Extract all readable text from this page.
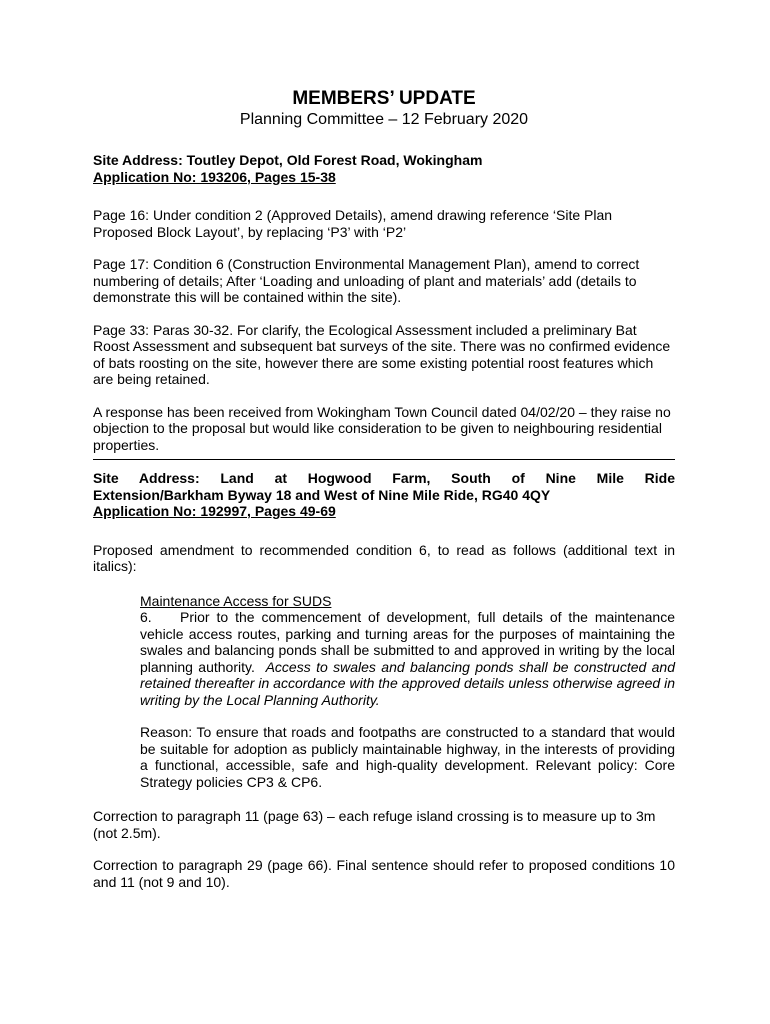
MEMBERS’ UPDATE
Planning Committee – 12 February 2020

Site Address: Toutley Depot, Old Forest Road, Wokingham

Application No: 193206, Pages 15-38

Page 16: Under condition 2 (Approved Details), amend drawing reference ‘Site Plan Proposed Block Layout’, by replacing ‘P3’ with ‘P2’

Page 17: Condition 6 (Construction Environmental Management Plan), amend to correct numbering of details; After ‘Loading and unloading of plant and materials’ add (details to demonstrate this will be contained within the site).

Page 33: Paras 30-32. For clarify, the Ecological Assessment included a preliminary Bat Roost Assessment and subsequent bat surveys of the site. There was no confirmed evidence of bats roosting on the site, however there are some existing potential roost features which are being retained.

A response has been received from Wokingham Town Council dated 04/02/20 – they raise no objection to the proposal but would like consideration to be given to neighbouring residential properties.

Site Address: Land at Hogwood Farm, South of Nine Mile Ride

Extension/Barkham Byway 18 and West of Nine Mile Ride, RG40 4QY

Application No: 192997, Pages 49-69

Proposed amendment to recommended condition 6, to read as follows (additional text in italics):

Maintenance Access for SUDS

6. Prior to the commencement of development, full details of the maintenance vehicle access routes, parking and turning areas for the purposes of maintaining the swales and balancing ponds shall be submitted to and approved in writing by the local planning authority. Access to swales and balancing ponds shall be constructed and retained thereafter in accordance with the approved details unless otherwise agreed in writing by the Local Planning Authority.

Reason: To ensure that roads and footpaths are constructed to a standard that would be suitable for adoption as publicly maintainable highway, in the interests of providing a functional, accessible, safe and high-quality development. Relevant policy: Core Strategy policies CP3 & CP6.

Correction to paragraph 11 (page 63) – each refuge island crossing is to measure up to 3m (not 2.5m).

Correction to paragraph 29 (page 66). Final sentence should refer to proposed conditions 10 and 11 (not 9 and 10).
